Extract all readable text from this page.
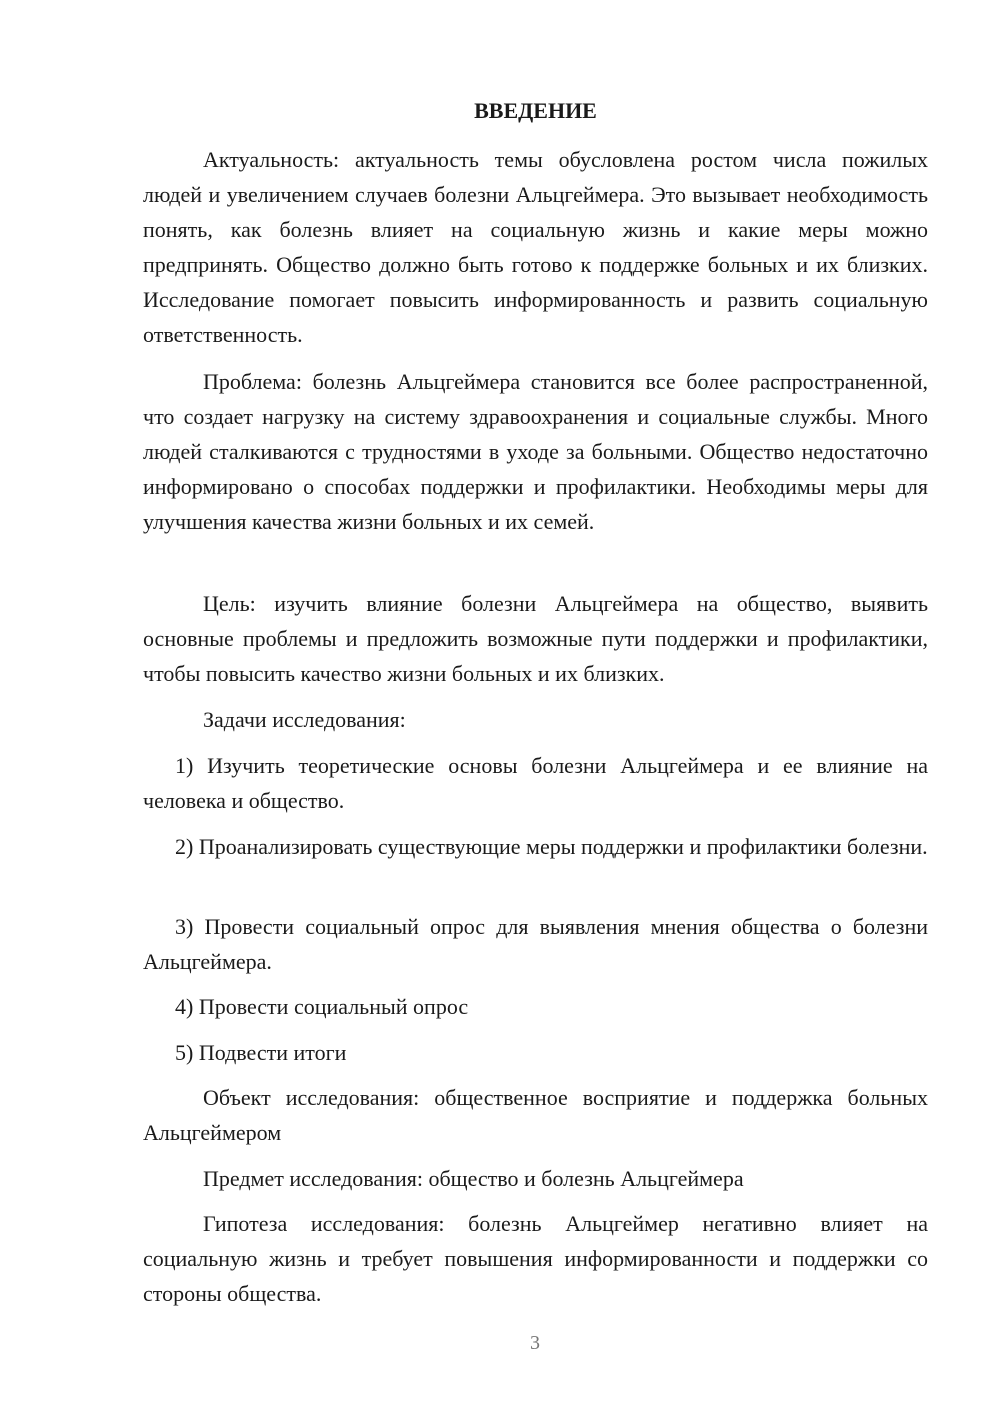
ВВЕДЕНИЕ

Актуальность: актуальность темы обусловлена ростом числа пожилых людей и увеличением случаев болезни Альцгеймера. Это вызывает необходимость понять, как болезнь влияет на социальную жизнь и какие меры можно предпринять. Общество должно быть готово к поддержке больных и их близких. Исследование помогает повысить информированность и развить социальную ответственность.

Проблема: болезнь Альцгеймера становится все более распространенной, что создает нагрузку на систему здравоохранения и социальные службы. Много людей сталкиваются с трудностями в уходе за больными. Общество недостаточно информировано о способах поддержки и профилактики. Необходимы меры для улучшения качества жизни больных и их семей.

Цель: изучить влияние болезни Альцгеймера на общество, выявить основные проблемы и предложить возможные пути поддержки и профилактики, чтобы повысить качество жизни больных и их близких.

Задачи исследования:

1) Изучить теоретические основы болезни Альцгеймера и ее влияние на человека и общество.

2) Проанализировать существующие меры поддержки и профилактики болезни.

3) Провести социальный опрос для выявления мнения общества о болезни Альцгеймера.

4) Провести социальный опрос

5) Подвести итоги

Объект исследования: общественное восприятие и поддержка больных Альцгеймером

Предмет исследования: общество и болезнь Альцгеймера

Гипотеза исследования: болезнь Альцгеймер негативно влияет на социальную жизнь и требует повышения информированности и поддержки со стороны общества.

3
